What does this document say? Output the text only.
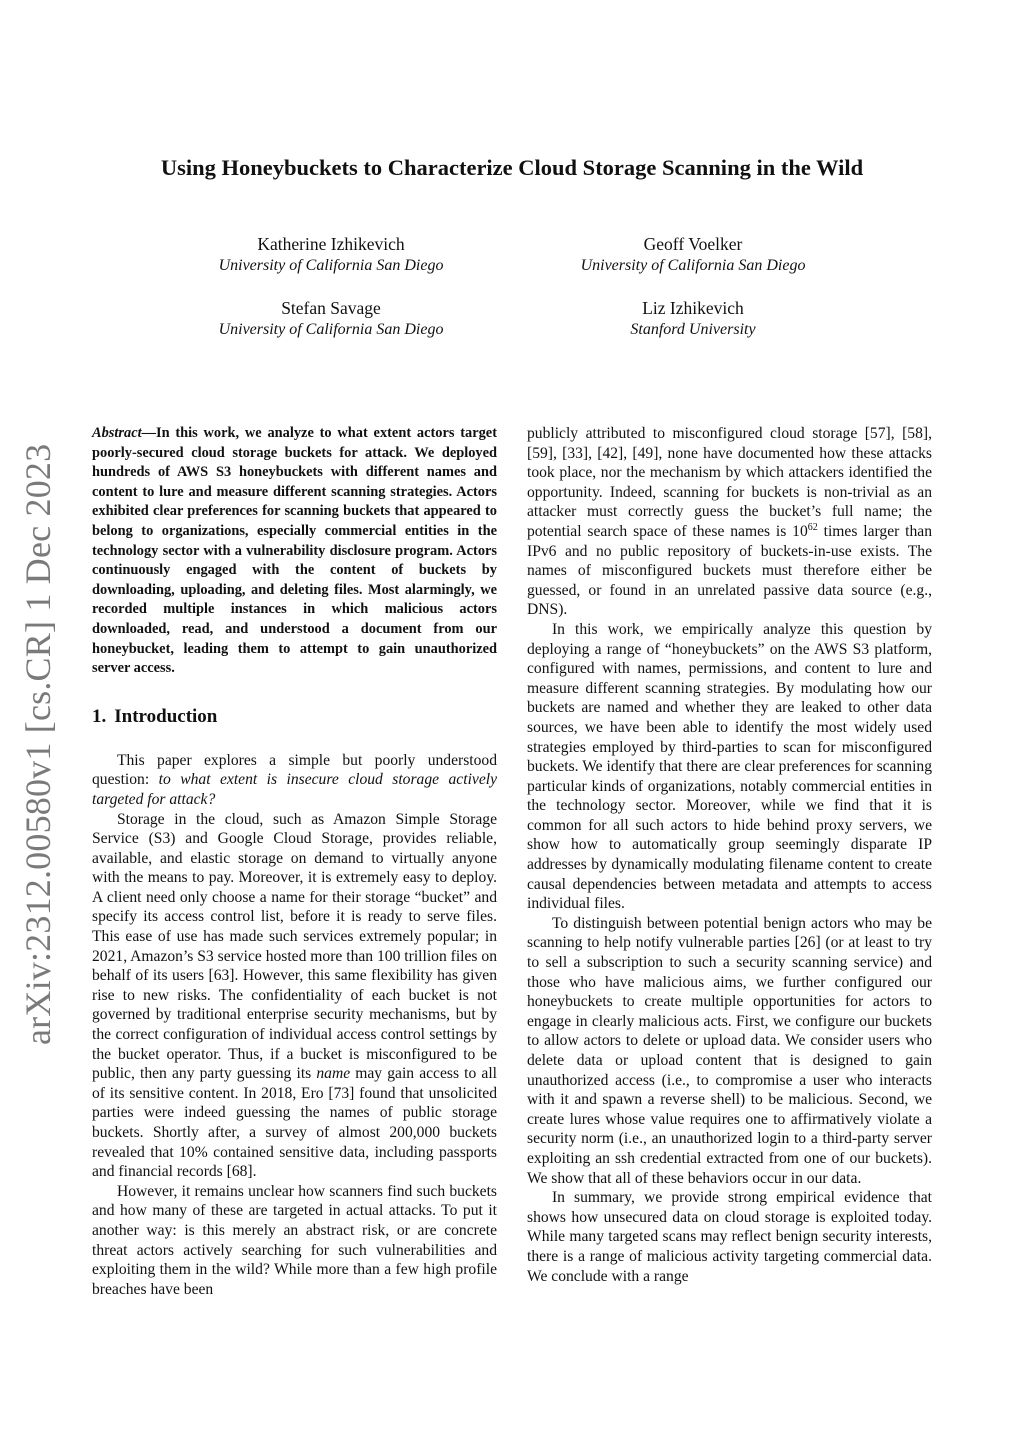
arXiv:2312.00580v1 [cs.CR] 1 Dec 2023
Using Honeybuckets to Characterize Cloud Storage Scanning in the Wild
Katherine Izhikevich
University of California San Diego
Geoff Voelker
University of California San Diego
Stefan Savage
University of California San Diego
Liz Izhikevich
Stanford University

Abstract—In this work, we analyze to what extent actors target poorly-secured cloud storage buckets for attack. We deployed hundreds of AWS S3 honeybuckets with different names and content to lure and measure different scanning strategies. Actors exhibited clear preferences for scanning buckets that appeared to belong to organizations, especially commercial entities in the technology sector with a vulnerability disclosure program. Actors continuously engaged with the content of buckets by downloading, uploading, and deleting files. Most alarmingly, we recorded multiple instances in which malicious actors downloaded, read, and understood a document from our honeybucket, leading them to attempt to gain unauthorized server access.

1. Introduction

This paper explores a simple but poorly understood question: to what extent is insecure cloud storage actively targeted for attack?

Storage in the cloud, such as Amazon Simple Storage Service (S3) and Google Cloud Storage, provides reliable, available, and elastic storage on demand to virtually anyone with the means to pay. Moreover, it is extremely easy to deploy. A client need only choose a name for their storage “bucket” and specify its access control list, before it is ready to serve files. This ease of use has made such services extremely popular; in 2021, Amazon’s S3 service hosted more than 100 trillion files on behalf of its users [63]. However, this same flexibility has given rise to new risks. The confidentiality of each bucket is not governed by traditional enterprise security mechanisms, but by the correct configuration of individual access control settings by the bucket operator. Thus, if a bucket is misconfigured to be public, then any party guessing its name may gain access to all of its sensitive content. In 2018, Ero [73] found that unsolicited parties were indeed guessing the names of public storage buckets. Shortly after, a survey of almost 200,000 buckets revealed that 10% contained sensitive data, including passports and financial records [68].

However, it remains unclear how scanners find such buckets and how many of these are targeted in actual attacks. To put it another way: is this merely an abstract risk, or are concrete threat actors actively searching for such vulnerabilities and exploiting them in the wild? While more than a few high profile breaches have been

publicly attributed to misconfigured cloud storage [57], [58], [59], [33], [42], [49], none have documented how these attacks took place, nor the mechanism by which attackers identified the opportunity. Indeed, scanning for buckets is non-trivial as an attacker must correctly guess the bucket’s full name; the potential search space of these names is $10^{62}$ times larger than IPv6 and no public repository of buckets-in-use exists. The names of misconfigured buckets must therefore either be guessed, or found in an unrelated passive data source (e.g., DNS).

In this work, we empirically analyze this question by deploying a range of “honeybuckets” on the AWS S3 platform, configured with names, permissions, and content to lure and measure different scanning strategies. By modulating how our buckets are named and whether they are leaked to other data sources, we have been able to identify the most widely used strategies employed by third-parties to scan for misconfigured buckets. We identify that there are clear preferences for scanning particular kinds of organizations, notably commercial entities in the technology sector. Moreover, while we find that it is common for all such actors to hide behind proxy servers, we show how to automatically group seemingly disparate IP addresses by dynamically modulating filename content to create causal dependencies between metadata and attempts to access individual files.

To distinguish between potential benign actors who may be scanning to help notify vulnerable parties [26] (or at least to try to sell a subscription to such a security scanning service) and those who have malicious aims, we further configured our honeybuckets to create multiple opportunities for actors to engage in clearly malicious acts. First, we configure our buckets to allow actors to delete or upload data. We consider users who delete data or upload content that is designed to gain unauthorized access (i.e., to compromise a user who interacts with it and spawn a reverse shell) to be malicious. Second, we create lures whose value requires one to affirmatively violate a security norm (i.e., an unauthorized login to a third-party server exploiting an ssh credential extracted from one of our buckets). We show that all of these behaviors occur in our data.

In summary, we provide strong empirical evidence that shows how unsecured data on cloud storage is exploited today. While many targeted scans may reflect benign security interests, there is a range of malicious activity targeting commercial data. We conclude with a range
